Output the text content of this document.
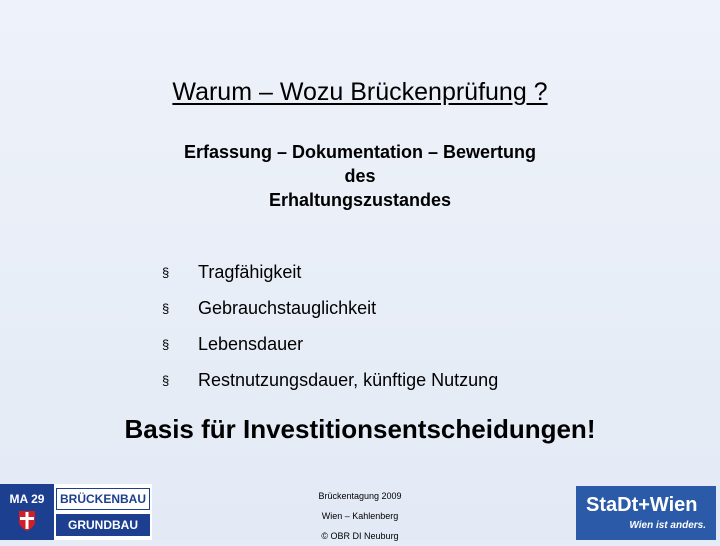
Warum – Wozu Brückenprüfung ?
Erfassung – Dokumentation – Bewertung
des
Erhaltungszustandes
§	Tragfähigkeit
§	Gebrauchstauglichkeit
§	Lebensdauer
§	Restnutzungsdauer, künftige Nutzung
Basis für Investitionsentscheidungen!
MA 29	BRÜCKENBAU
GRUNDBAU
Brückentagung 2009
Wien – Kahlenberg
© OBR DI Neuburg
StaDt+Wien
Wien ist anders.
